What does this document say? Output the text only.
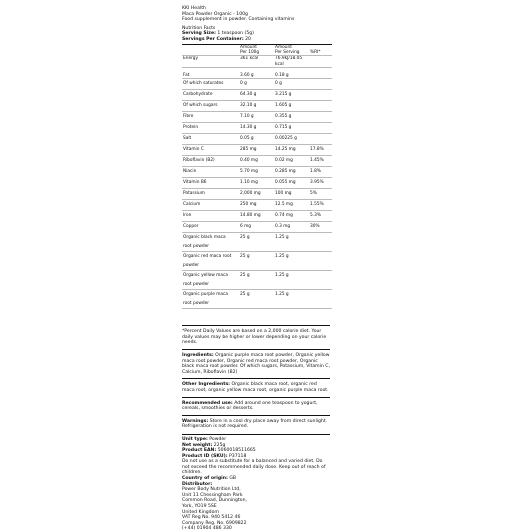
KKI Health
Maca Powder Organic - 100g
Food supplement in powder. Containing vitamins
Nutrition Facts
Serving Size: 1 teaspoon (5g)
Servings Per Container: 20
	Amount
Per 100g	Amount
Per Serving	%RI*
Energy	361 kcal	76.9kJ/18.05
kcal	
Fat	3.60 g	0.18 g	
Of which saturates	0 g	0 g	
Carbohydrate	64.30 g	3.215 g	
Of which sugars	32.10 g	1.605 g	
Fibre	7.10 g	0.355 g	
Protein	14.30 g	0.715 g	
Salt	0.05 g	0.00225 g	
Vitamin C	285 mg	14.25 mg	17.8%
Riboflavin (B2)	0.40 mg	0.02 mg	1.45%
Niacin	5.70 mg	0.285 mg	1.8%
Vitamin B6	1.10 mg	0.055 mg	3.95%
Potassium	2,000 mg	100 mg	5%
Calcium	250 mg	12.5 mg	1.55%
Iron	14.80 mg	0.74 mg	5.3%
Copper	6 mg	0.3 mg	30%
Organic black maca
root powder	25 g	1.25 g	
Organic red maca root
powder	25 g	1.25 g	
Organic yellow maca
root powder	25 g	1.25 g	
Organic purple maca
root powder	25 g	1.25 g	
*Percent Daily Values are based on a 2,000 calorie diet. Your daily values may be higher or lower depending on your calorie needs.
Ingredients: Organic purple maca root powder, Organic yellow maca root powder, Organic red maca root powder, Organic black maca root powder. Of which sugars, Potassium, Vitamin C, Calcium, Riboflavin (B2)
Other Ingredients: Organic black maca root, organic red maca root, organic yellow maca root, organic purple maca root.
Recommended use: Add around one teaspoon to yogurt, cereals, smoothies or desserts.
Warnings: Store in a cool dry place away from direct sunlight. Refrigeration is not required.
Unit type: Powder
Net weight: 225g
Product EAN: 5060018511665
Product ID (SKU): P37118
Do not use as a substitute for a balanced and varied diet. Do not exceed the recommended daily dose. Keep out of reach of children.
Country of origin: GB
Distributor:
Power Body Nutrition Ltd,
Unit 11 Chessingham Park
Common Road, Dunnington,
York, YO19 5SE
United Kingdom
VAT Reg No. 940 5412 46
Company Reg. No. 6909822
(+44) 01904 486 330
